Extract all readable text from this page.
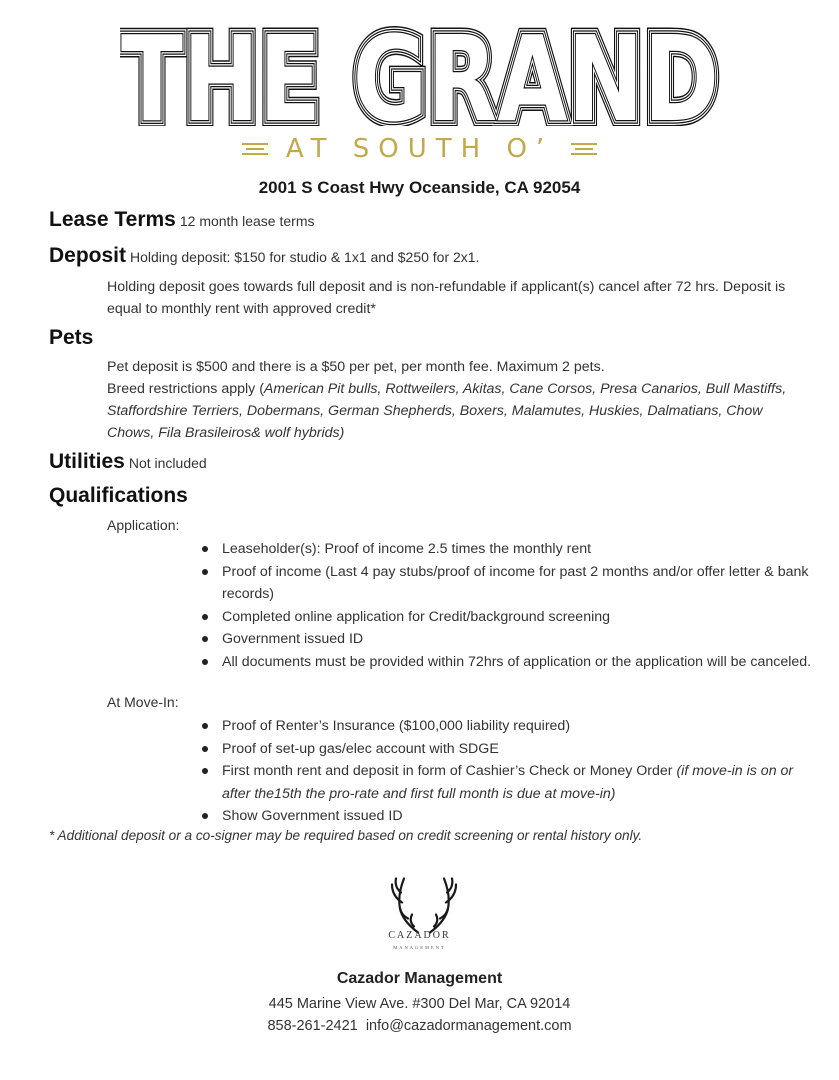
THE GRAND
THE GRAND
THE GRAND
THE GRAND
THE GRAND
THE GRAND
AT SOUTH O’
2001 S Coast Hwy Oceanside, CA 92054
Lease Terms 12 month lease terms
Deposit Holding deposit: $150 for studio & 1x1 and $250 for 2x1.
Holding deposit goes towards full deposit and is non-refundable if applicant(s) cancel after 72 hrs. Deposit is equal to monthly rent with approved credit*
Pets
Pet deposit is $500 and there is a $50 per pet, per month fee. Maximum 2 pets.
Breed restrictions apply (American Pit bulls, Rottweilers, Akitas, Cane Corsos, Presa Canarios, Bull Mastiffs, Staffordshire Terriers, Dobermans, German Shepherds, Boxers, Malamutes, Huskies, Dalmatians, Chow Chows, Fila Brasileiros& wolf hybrids)
Utilities Not included
Qualifications
Application:
Leaseholder(s): Proof of income 2.5 times the monthly rent
Proof of income (Last 4 pay stubs/proof of income for past 2 months and/or offer letter & bank records)
Completed online application for Credit/background screening
Government issued ID
All documents must be provided within 72hrs of application or the application will be canceled.
At Move-In:
Proof of Renter’s Insurance ($100,000 liability required)
Proof of set-up gas/elec account with SDGE
First month rent and deposit in form of Cashier’s Check or Money Order (if move-in is on or after the15th the pro-rate and first full month is due at move-in)
Show Government issued ID
* Additional deposit or a co-signer may be required based on credit screening or rental history only.
CAZADOR
MANAGEMENT
Cazador Management
445 Marine View Ave. #300 Del Mar, CA 92014
858-261-2421 info@cazadormanagement.com
